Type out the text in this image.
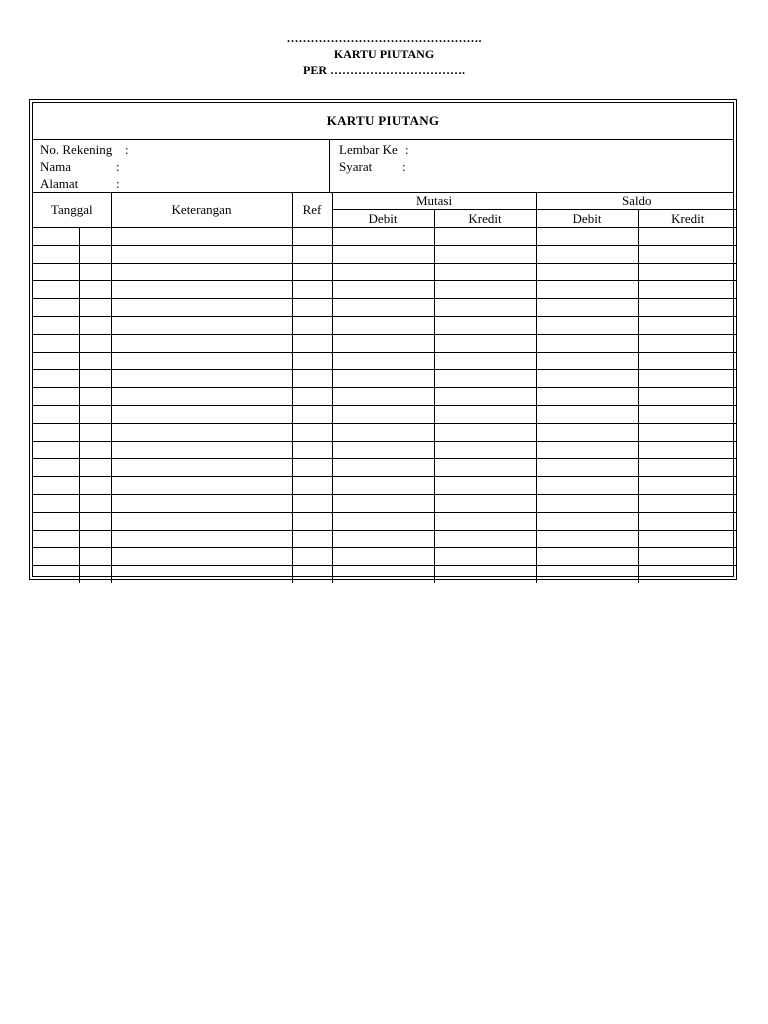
………………………………………….
KARTU PIUTANG
PER …………………………….
KARTU PIUTANG
No. Rekening :
Nama	:
Alamat	:
Lembar Ke :
Syarat :
Tanggal		Keterangan	Ref	Mutasi		Saldo	
				Debit	Kredit	Debit	Kredit
